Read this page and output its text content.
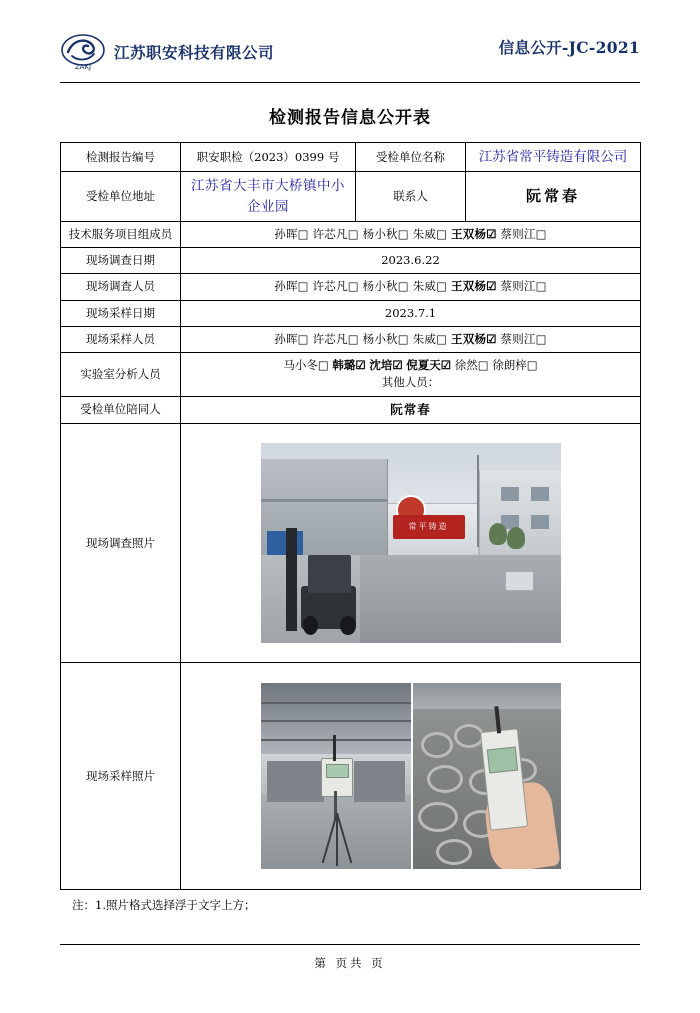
ZAKJ
江苏职安科技有限公司	信息公开-JC-2021
检测报告信息公开表
检测报告编号	职安职检（2023）0399 号	受检单位名称	江苏省常平铸造有限公司
受检单位地址	江苏省大丰市大桥镇中小企业园	联系人	阮常春
技术服务项目组成员	孙晖□ 许芯凡□ 杨小秋□ 朱威□ 王双杨☑ 蔡则江□		
现场调查日期	2023.6.22		
现场调查人员	孙晖□ 许芯凡□ 杨小秋□ 朱威□ 王双杨☑ 蔡则江□		
现场采样日期	2023.7.1		
现场采样人员	孙晖□ 许芯凡□ 杨小秋□ 朱威□ 王双杨☑ 蔡则江□		
实验室分析人员	马小冬□ 韩璐☑ 沈培☑ 倪夏天☑ 徐然□ 徐朗梓□
其他人员：		

受检单位陪同人	阮常春		
现场调查照片	常平铸造		

现场采样照片			
注：1.照片格式选择浮于文字上方；
第 页共 页
